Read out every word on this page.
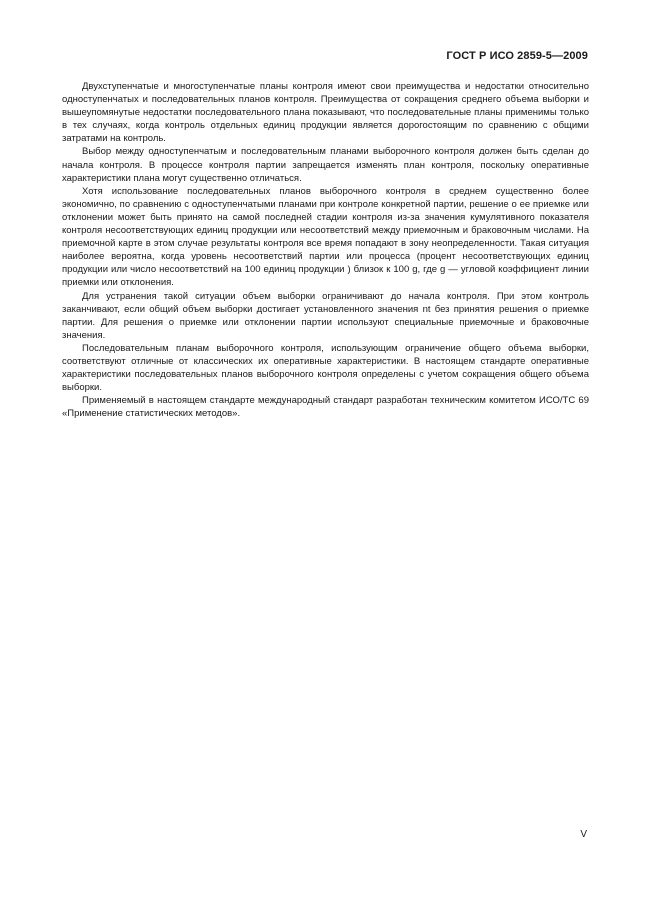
ГОСТ Р ИСО 2859-5—2009

Двухступенчатые и многоступенчатые планы контроля имеют свои преимущества и недостатки относительно одноступенчатых и последовательных планов контроля. Преимущества от сокращения среднего объема выборки и вышеупомянутые недостатки последовательного плана показывают, что последовательные планы применимы только в тех случаях, когда контроль отдельных единиц продукции является дорогостоящим по сравнению с общими затратами на контроль.

Выбор между одноступенчатым и последовательным планами выборочного контроля должен быть сделан до начала контроля. В процессе контроля партии запрещается изменять план контроля, поскольку оперативные характеристики плана могут существенно отличаться.

Хотя использование последовательных планов выборочного контроля в среднем существенно более экономично, по сравнению с одноступенчатыми планами при контроле конкретной партии, решение о ее приемке или отклонении может быть принято на самой последней стадии контроля из-за значения кумулятивного показателя контроля несоответствующих единиц продукции или несоответствий между приемочным и браковочным числами. На приемочной карте в этом случае результаты контроля все время попадают в зону неопределенности. Такая ситуация наиболее вероятна, когда уровень несоответствий партии или процесса (процент несоответствующих единиц продукции или число несоответствий на 100 единиц продукции ) близок к 100 g, где g — угловой коэффициент линии приемки или отклонения.

Для устранения такой ситуации объем выборки ограничивают до начала контроля. При этом контроль заканчивают, если общий объем выборки достигает установленного значения nt без принятия решения о приемке партии. Для решения о приемке или отклонении партии используют специальные приемочные и браковочные значения.

Последовательным планам выборочного контроля, использующим ограничение общего объема выборки, соответствуют отличные от классических их оперативные характеристики. В настоящем стандарте оперативные характеристики последовательных планов выборочного контроля определены с учетом сокращения общего объема выборки.

Применяемый в настоящем стандарте международный стандарт разработан техническим комитетом ИСО/ТС 69 «Применение статистических методов».

V
